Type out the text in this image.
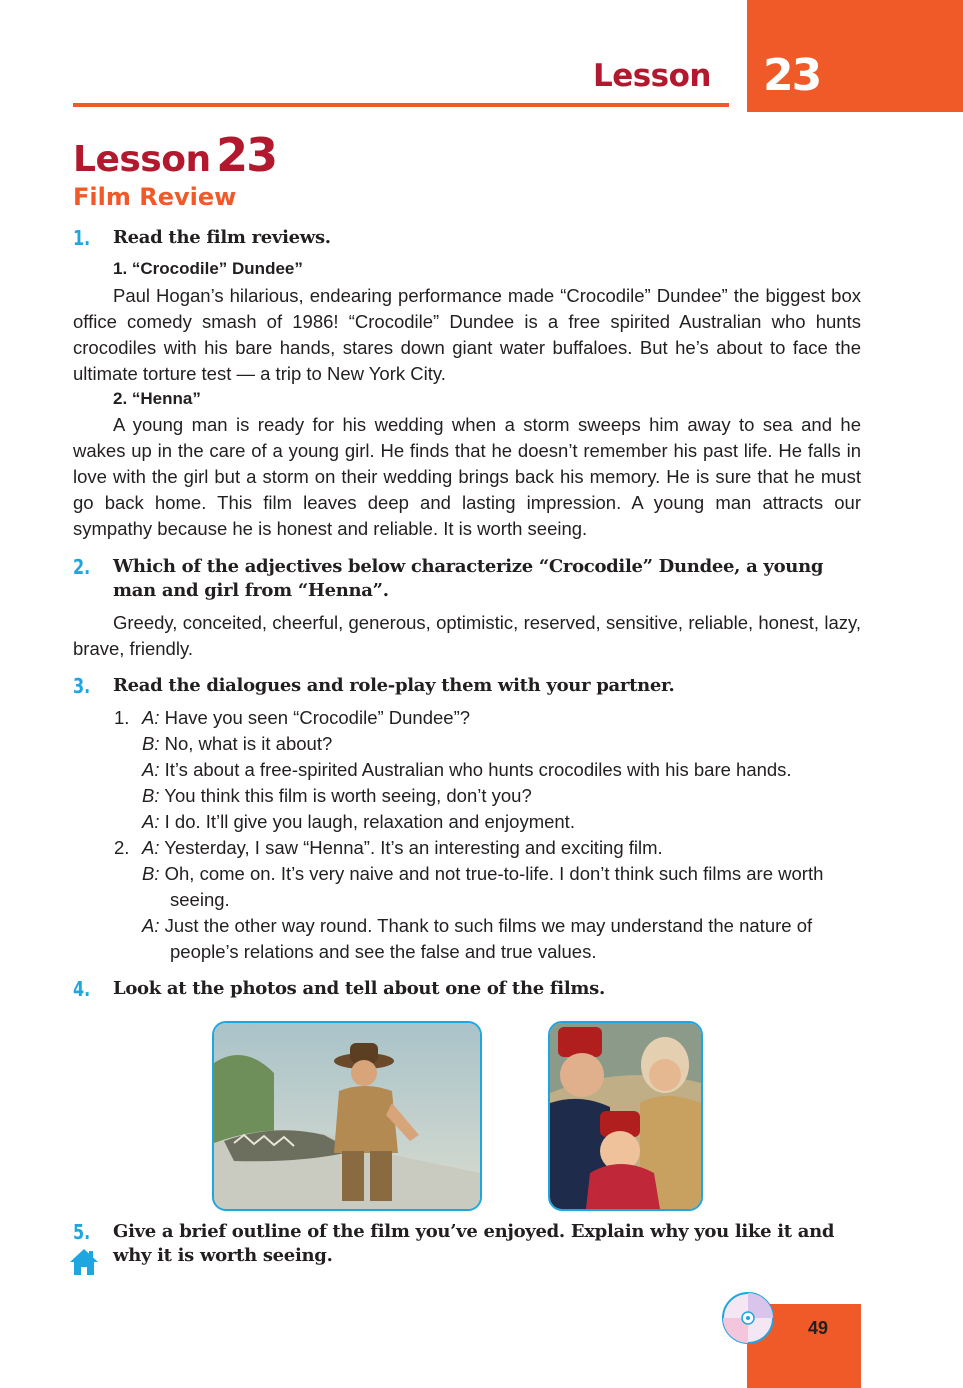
Lesson 23
Lesson 23
Film Review
1. Read the film reviews.
1. “Crocodile” Dundee”

Paul Hogan’s hilarious, endearing performance made “Crocodile” Dundee” the biggest box office comedy smash of 1986! “Crocodile” Dundee is a free spirited Australian who hunts crocodiles with his bare hands, stares down giant water buffaloes. But he’s about to face the ultimate torture test — a trip to New York City.

2. “Henna”

A young man is ready for his wedding when a storm sweeps him away to sea and he wakes up in the care of a young girl. He finds that he doesn’t remember his past life. He falls in love with the girl but a storm on their wedding brings back his memory. He is sure that he must go back home. This film leaves deep and lasting impression. A young man attracts our sympathy because he is honest and reliable. It is worth seeing.

2. Which of the adjectives below characterize “Crocodile” Dundee, a young man and girl from “Henna”.

Greedy, conceited, cheerful, generous, optimistic, reserved, sensitive, reliable, honest, lazy, brave, friendly.

3. Read the dialogues and role-play them with your partner.
1. A: Have you seen “Crocodile” Dundee”?
B: No, what is it about?
A: It’s about a free-spirited Australian who hunts crocodiles with his bare hands.
B: You think this film is worth seeing, don’t you?
A: I do. It’ll give you laugh, relaxation and enjoyment.
2. A: Yesterday, I saw “Henna”. It’s an interesting and exciting film.
B: Oh, come on. It’s very naive and not true-to-life. I don’t think such films are worth
seeing.
A: Just the other way round. Thank to such films we may understand the nature of
people’s relations and see the false and true values.
4. Look at the photos and tell about one of the films.
5. Give a brief outline of the film you’ve enjoyed. Explain why you like it and why it is worth seeing.
49
